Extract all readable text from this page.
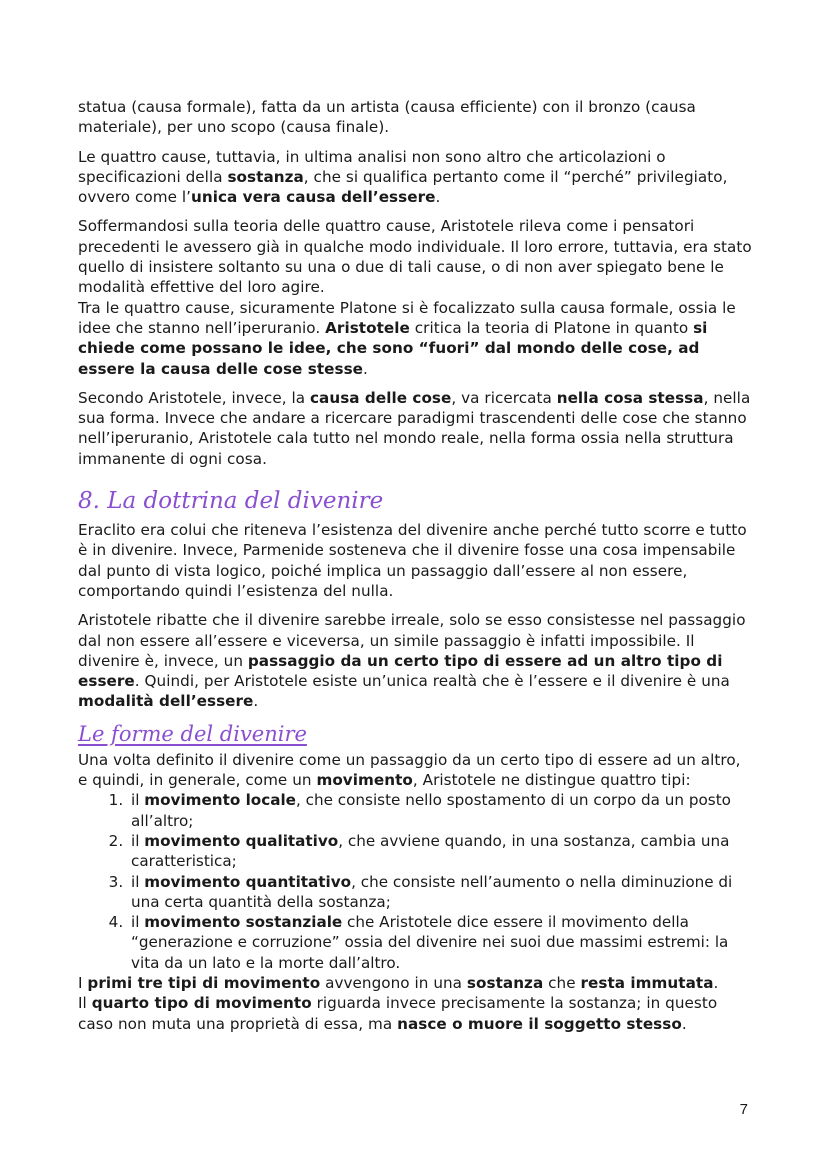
statua (causa formale), fatta da un artista (causa efficiente) con il bronzo (causa materiale), per uno scopo (causa finale).

Le quattro cause, tuttavia, in ultima analisi non sono altro che articolazioni o specificazioni della sostanza, che si qualifica pertanto come il “perché” privilegiato, ovvero come l’unica vera causa dell’essere.

Soffermandosi sulla teoria delle quattro cause, Aristotele rileva come i pensatori precedenti le avessero già in qualche modo individuale. Il loro errore, tuttavia, era stato quello di insistere soltanto su una o due di tali cause, o di non aver spiegato bene le modalità effettive del loro agire.

Tra le quattro cause, sicuramente Platone si è focalizzato sulla causa formale, ossia le idee che stanno nell’iperuranio. Aristotele critica la teoria di Platone in quanto si chiede come possano le idee, che sono “fuori” dal mondo delle cose, ad essere la causa delle cose stesse.

Secondo Aristotele, invece, la causa delle cose, va ricercata nella cosa stessa, nella sua forma. Invece che andare a ricercare paradigmi trascendenti delle cose che stanno nell’iperuranio, Aristotele cala tutto nel mondo reale, nella forma ossia nella struttura immanente di ogni cosa.

8. La dottrina del divenire

Eraclito era colui che riteneva l’esistenza del divenire anche perché tutto scorre e tutto è in divenire. Invece, Parmenide sosteneva che il divenire fosse una cosa impensabile dal punto di vista logico, poiché implica un passaggio dall’essere al non essere, comportando quindi l’esistenza del nulla.

Aristotele ribatte che il divenire sarebbe irreale, solo se esso consistesse nel passaggio dal non essere all’essere e viceversa, un simile passaggio è infatti impossibile. Il divenire è, invece, un passaggio da un certo tipo di essere ad un altro tipo di essere. Quindi, per Aristotele esiste un’unica realtà che è l’essere e il divenire è una modalità dell’essere.

Le forme del divenire

Una volta definito il divenire come un passaggio da un certo tipo di essere ad un altro, e quindi, in generale, come un movimento, Aristotele ne distingue quattro tipi:

1. il movimento locale, che consiste nello spostamento di un corpo da un posto all’altro;
2. il movimento qualitativo, che avviene quando, in una sostanza, cambia una caratteristica;
3. il movimento quantitativo, che consiste nell’aumento o nella diminuzione di una certa quantità della sostanza;
4. il movimento sostanziale che Aristotele dice essere il movimento della “generazione e corruzione” ossia del divenire nei suoi due massimi estremi: la vita da un lato e la morte dall’altro.

I primi tre tipi di movimento avvengono in una sostanza che resta immutata.

Il quarto tipo di movimento riguarda invece precisamente la sostanza; in questo caso non muta una proprietà di essa, ma nasce o muore il soggetto stesso.

7
